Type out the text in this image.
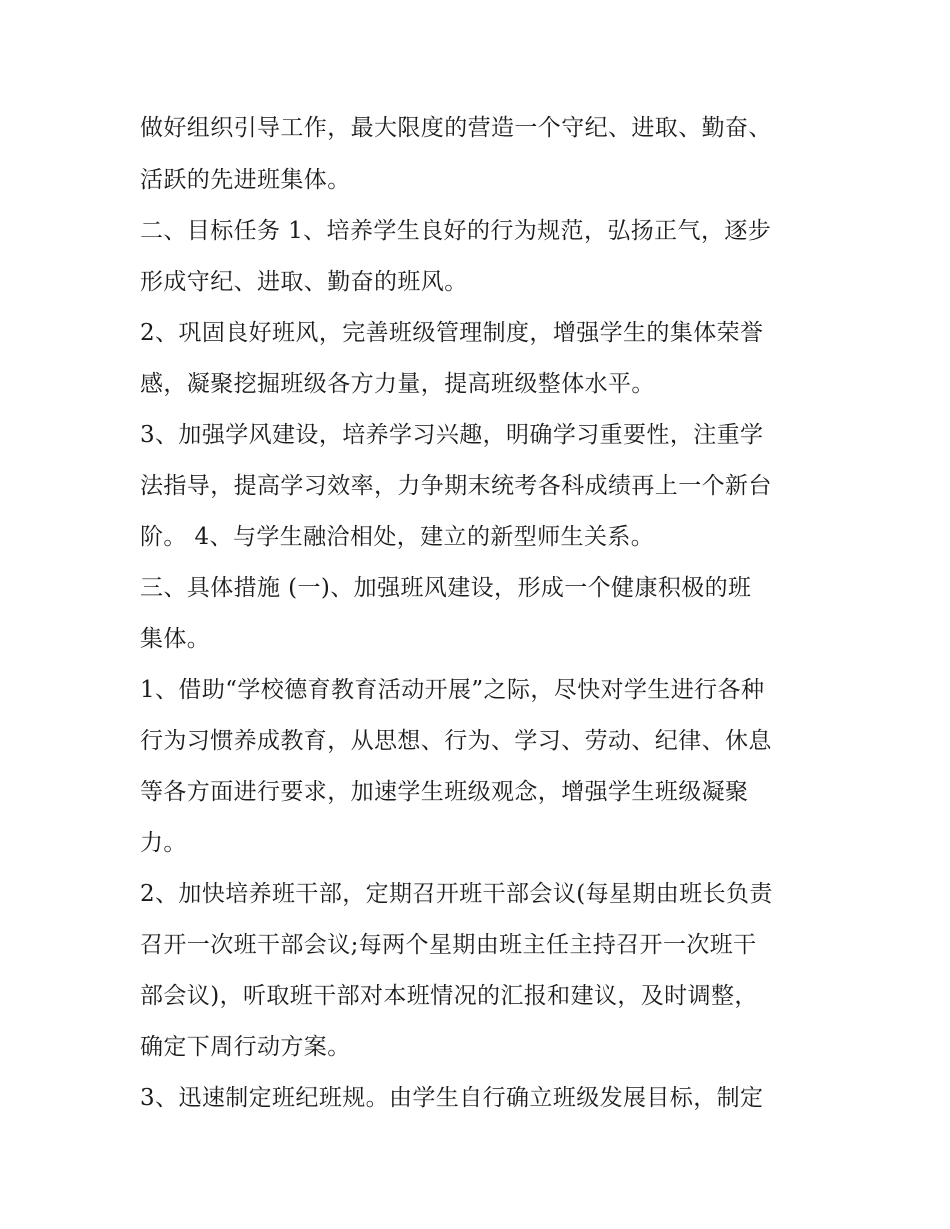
做好组织引导工作，最大限度的营造一个守纪、进取、勤奋、
活跃的先进班集体。
二、目标任务 1、培养学生良好的行为规范，弘扬正气，逐步
形成守纪、进取、勤奋的班风。
2、巩固良好班风，完善班级管理制度，增强学生的集体荣誉
感，凝聚挖掘班级各方力量，提高班级整体水平。
3、加强学风建设，培养学习兴趣，明确学习重要性，注重学
法指导，提高学习效率，力争期末统考各科成绩再上一个新台
阶。 4、与学生融洽相处，建立的新型师生关系。
三、具体措施 (一)、加强班风建设，形成一个健康积极的班
集体。
1、借助“学校德育教育活动开展”之际，尽快对学生进行各种
行为习惯养成教育，从思想、行为、学习、劳动、纪律、休息
等各方面进行要求，加速学生班级观念，增强学生班级凝聚
力。
2、加快培养班干部，定期召开班干部会议(每星期由班长负责
召开一次班干部会议;每两个星期由班主任主持召开一次班干
部会议)，听取班干部对本班情况的汇报和建议，及时调整，
确定下周行动方案。
3、迅速制定班纪班规。由学生自行确立班级发展目标，制定
